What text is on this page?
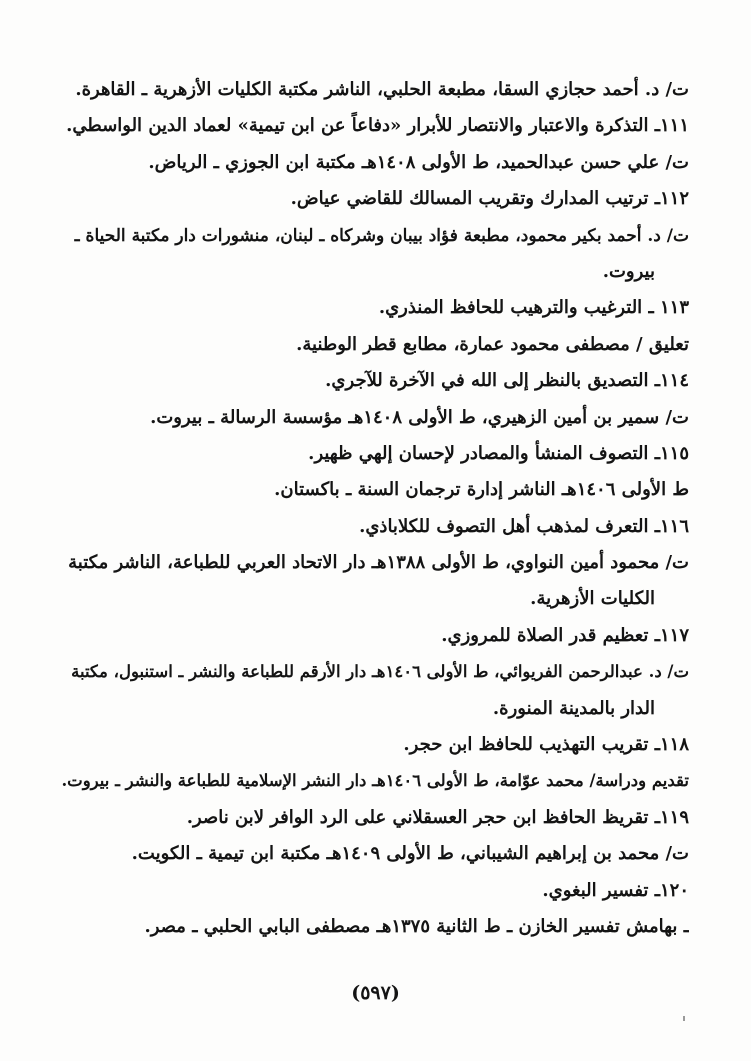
ت/ د. أحمد حجازي السقا، مطبعة الحلبي، الناشر مكتبة الكليات الأزهرية ـ القاهرة.
١١١ـ التذكرة والاعتبار والانتصار للأبرار «دفاعاً عن ابن تيمية» لعماد الدين الواسطي.
ت/ علي حسن عبدالحميد، ط الأولى ١٤٠٨هـ مكتبة ابن الجوزي ـ الرياض.
١١٢ـ ترتيب المدارك وتقريب المسالك للقاضي عياض.
ت/ د. أحمد بكير محمود، مطبعة فؤاد بيبان وشركاه ـ لبنان، منشورات دار مكتبة الحياة ـ
بيروت.
١١٣ ـ الترغيب والترهيب للحافظ المنذري.
تعليق / مصطفى محمود عمارة، مطابع قطر الوطنية.
١١٤ـ التصديق بالنظر إلى الله في الآخرة للآجري.
ت/ سمير بن أمين الزهيري، ط الأولى ١٤٠٨هـ مؤسسة الرسالة ـ بيروت.
١١٥ـ التصوف المنشأ والمصادر لإحسان إلهي ظهير.
ط الأولى ١٤٠٦هـ الناشر إدارة ترجمان السنة ـ باكستان.
١١٦ـ التعرف لمذهب أهل التصوف للكلاباذي.
ت/ محمود أمين النواوي، ط الأولى ١٣٨٨هـ دار الاتحاد العربي للطباعة، الناشر مكتبة
الكليات الأزهرية.
١١٧ـ تعظيم قدر الصلاة للمروزي.
ت/ د. عبدالرحمن الفريوائي، ط الأولى ١٤٠٦هـ دار الأرقم للطباعة والنشر ـ استنبول، مكتبة
الدار بالمدينة المنورة.
١١٨ـ تقريب التهذيب للحافظ ابن حجر.
تقديم ودراسة/ محمد عوّامة، ط الأولى ١٤٠٦هـ دار النشر الإسلامية للطباعة والنشر ـ بيروت.
١١٩ـ تقريظ الحافظ ابن حجر العسقلاني على الرد الوافر لابن ناصر.
ت/ محمد بن إبراهيم الشيباني، ط الأولى ١٤٠٩هـ مكتبة ابن تيمية ـ الكويت.
١٢٠ـ تفسير البغوي.
ـ بهامش تفسير الخازن ـ ط الثانية ١٣٧٥هـ مصطفى البابي الحلبي ـ مصر.
(٥٩٧)
